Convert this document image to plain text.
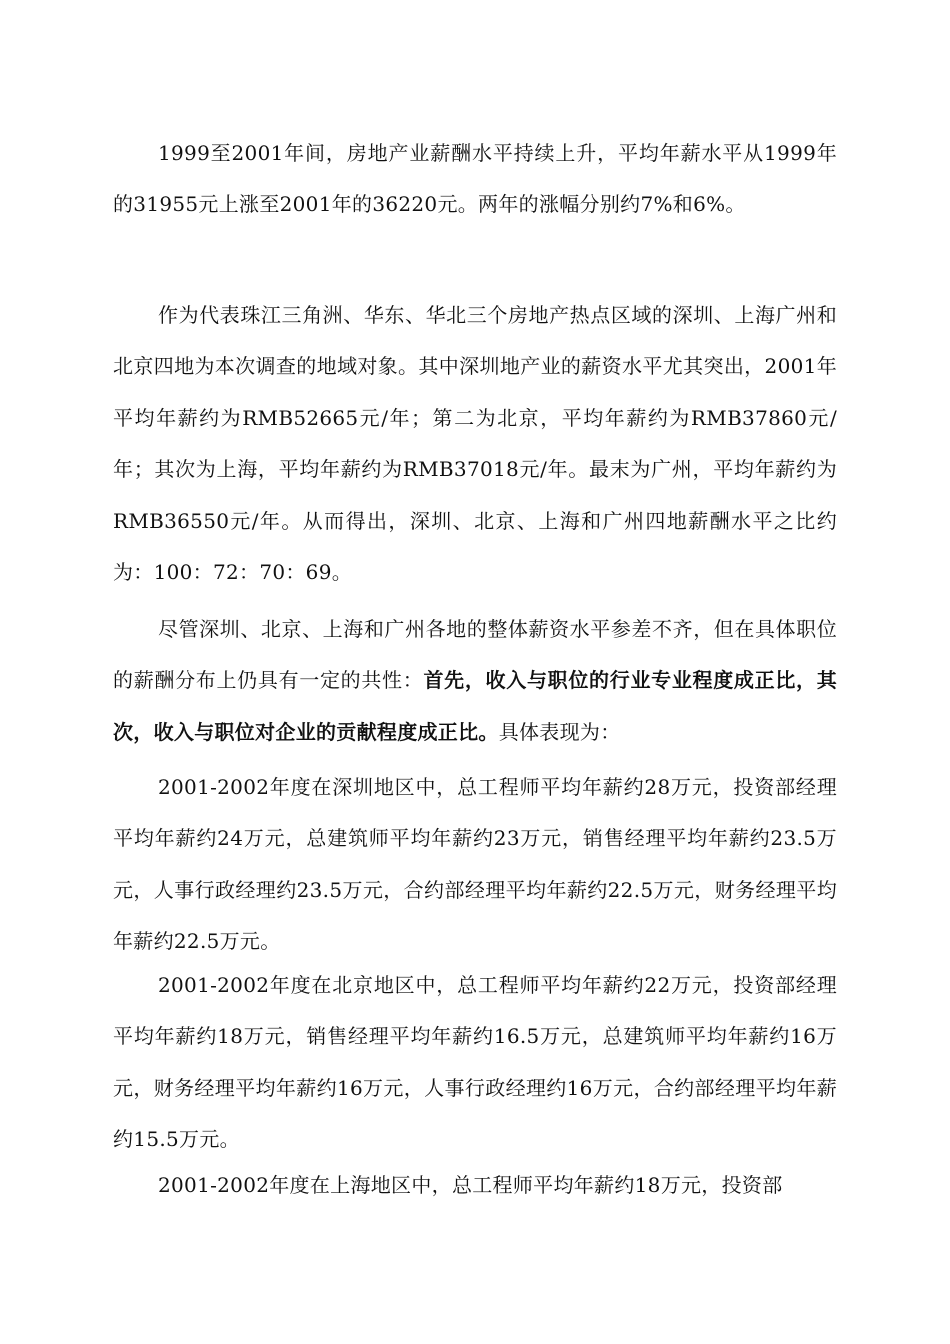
1999至2001年间，房地产业薪酬水平持续上升，平均年薪水平从1999年的31955元上涨至2001年的36220元。两年的涨幅分别约7%和6%。

作为代表珠江三角洲、华东、华北三个房地产热点区域的深圳、上海广州和北京四地为本次调查的地域对象。其中深圳地产业的薪资水平尤其突出，2001年平均年薪约为RMB52665元/年；第二为北京，平均年薪约为RMB37860元/年；其次为上海，平均年薪约为RMB37018元/年。最末为广州，平均年薪约为RMB36550元/年。从而得出，深圳、北京、上海和广州四地薪酬水平之比约为：100：72：70：69。

尽管深圳、北京、上海和广州各地的整体薪资水平参差不齐，但在具体职位的薪酬分布上仍具有一定的共性：首先，收入与职位的行业专业程度成正比，其次，收入与职位对企业的贡献程度成正比。具体表现为：

2001-2002年度在深圳地区中，总工程师平均年薪约28万元，投资部经理平均年薪约24万元，总建筑师平均年薪约23万元，销售经理平均年薪约23.5万元，人事行政经理约23.5万元，合约部经理平均年薪约22.5万元，财务经理平均年薪约22.5万元。

2001-2002年度在北京地区中，总工程师平均年薪约22万元，投资部经理平均年薪约18万元，销售经理平均年薪约16.5万元，总建筑师平均年薪约16万元，财务经理平均年薪约16万元，人事行政经理约16万元，合约部经理平均年薪约15.5万元。

2001-2002年度在上海地区中，总工程师平均年薪约18万元，投资部
